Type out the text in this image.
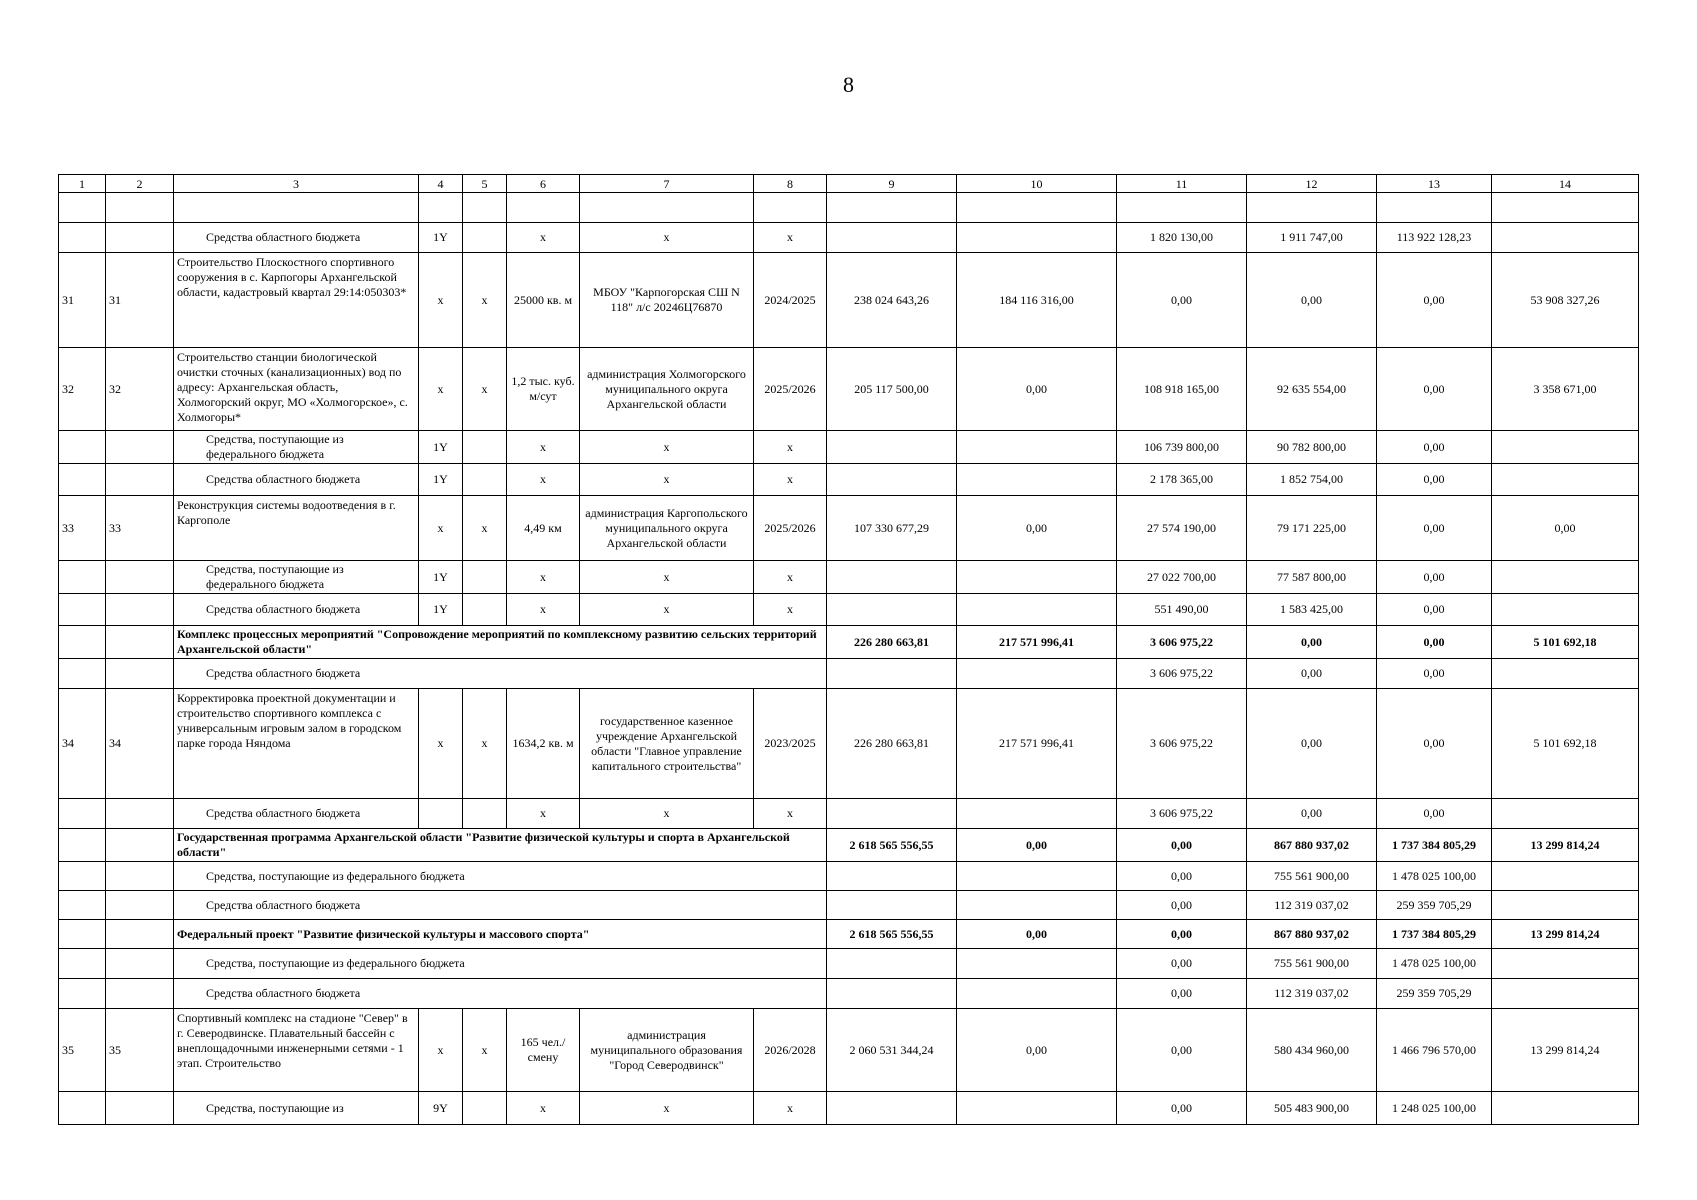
8
1	2	3	4	5	6	7	8	9	10	11	12	13	14

		Средства областного бюджета	1Y		x	x	x			1 820 130,00	1 911 747,00	113 922 128,23	
31	31	Строительство Плоскостного спортивного сооружения в с. Карпогоры Архангельской области, кадастровый квартал 29:14:050303*	x	x	25000 кв. м	МБОУ "Карпогорская СШ N 118" л/с 20246Ц76870	2024/2025	238 024 643,26	184 116 316,00	0,00	0,00	0,00	53 908 327,26
32	32	Строительство станции биологической очистки сточных (канализационных) вод по адресу: Архангельская область, Холмогорский округ, МО «Холмогорское», с. Холмогоры*	x	x	1,2 тыс. куб. м/сут	администрация Холмогорского муниципального округа Архангельской области	2025/2026	205 117 500,00	0,00	108 918 165,00	92 635 554,00	0,00	3 358 671,00
		Средства, поступающие из федерального бюджета	1Y		x	x	x			106 739 800,00	90 782 800,00	0,00	
		Средства областного бюджета	1Y		x	x	x			2 178 365,00	1 852 754,00	0,00	
33	33	Реконструкция системы водоотведения в г. Каргополе	x	x	4,49 км	администрация Каргопольского муниципального округа Архангельской области	2025/2026	107 330 677,29	0,00	27 574 190,00	79 171 225,00	0,00	0,00
		Средства, поступающие из федерального бюджета	1Y		x	x	x			27 022 700,00	77 587 800,00	0,00	
		Средства областного бюджета	1Y		x	x	x			551 490,00	1 583 425,00	0,00	
		Комплекс процессных мероприятий "Сопровождение мероприятий по комплексному развитию сельских территорий Архангельской области"						226 280 663,81	217 571 996,41	3 606 975,22	0,00	0,00	5 101 692,18
		Средства областного бюджета								3 606 975,22	0,00	0,00	
34	34	Корректировка проектной документации и строительство спортивного комплекса с универсальным игровым залом в городском парке города Няндома	x	x	1634,2 кв. м	государственное казенное учреждение Архангельской области "Главное управление капитального строительства"	2023/2025	226 280 663,81	217 571 996,41	3 606 975,22	0,00	0,00	5 101 692,18
		Средства областного бюджета			x	x	x			3 606 975,22	0,00	0,00	
		Государственная программа Архангельской области "Развитие физической культуры и спорта в Архангельской области"						2 618 565 556,55	0,00	0,00	867 880 937,02	1 737 384 805,29	13 299 814,24
		Средства, поступающие из федерального бюджета								0,00	755 561 900,00	1 478 025 100,00	
		Средства областного бюджета								0,00	112 319 037,02	259 359 705,29	
		Федеральный проект "Развитие физической культуры и массового спорта"						2 618 565 556,55	0,00	0,00	867 880 937,02	1 737 384 805,29	13 299 814,24
		Средства, поступающие из федерального бюджета								0,00	755 561 900,00	1 478 025 100,00	
		Средства областного бюджета								0,00	112 319 037,02	259 359 705,29	
35	35	Спортивный комплекс на стадионе "Север" в г. Северодвинске. Плавательный бассейн с внеплощадочными инженерными сетями - 1 этап. Строительство	x	x	165 чел./смену	администрация муниципального образования "Город Северодвинск"	2026/2028	2 060 531 344,24	0,00	0,00	580 434 960,00	1 466 796 570,00	13 299 814,24
		Средства, поступающие из	9Y		x	x	x			0,00	505 483 900,00	1 248 025 100,00	
